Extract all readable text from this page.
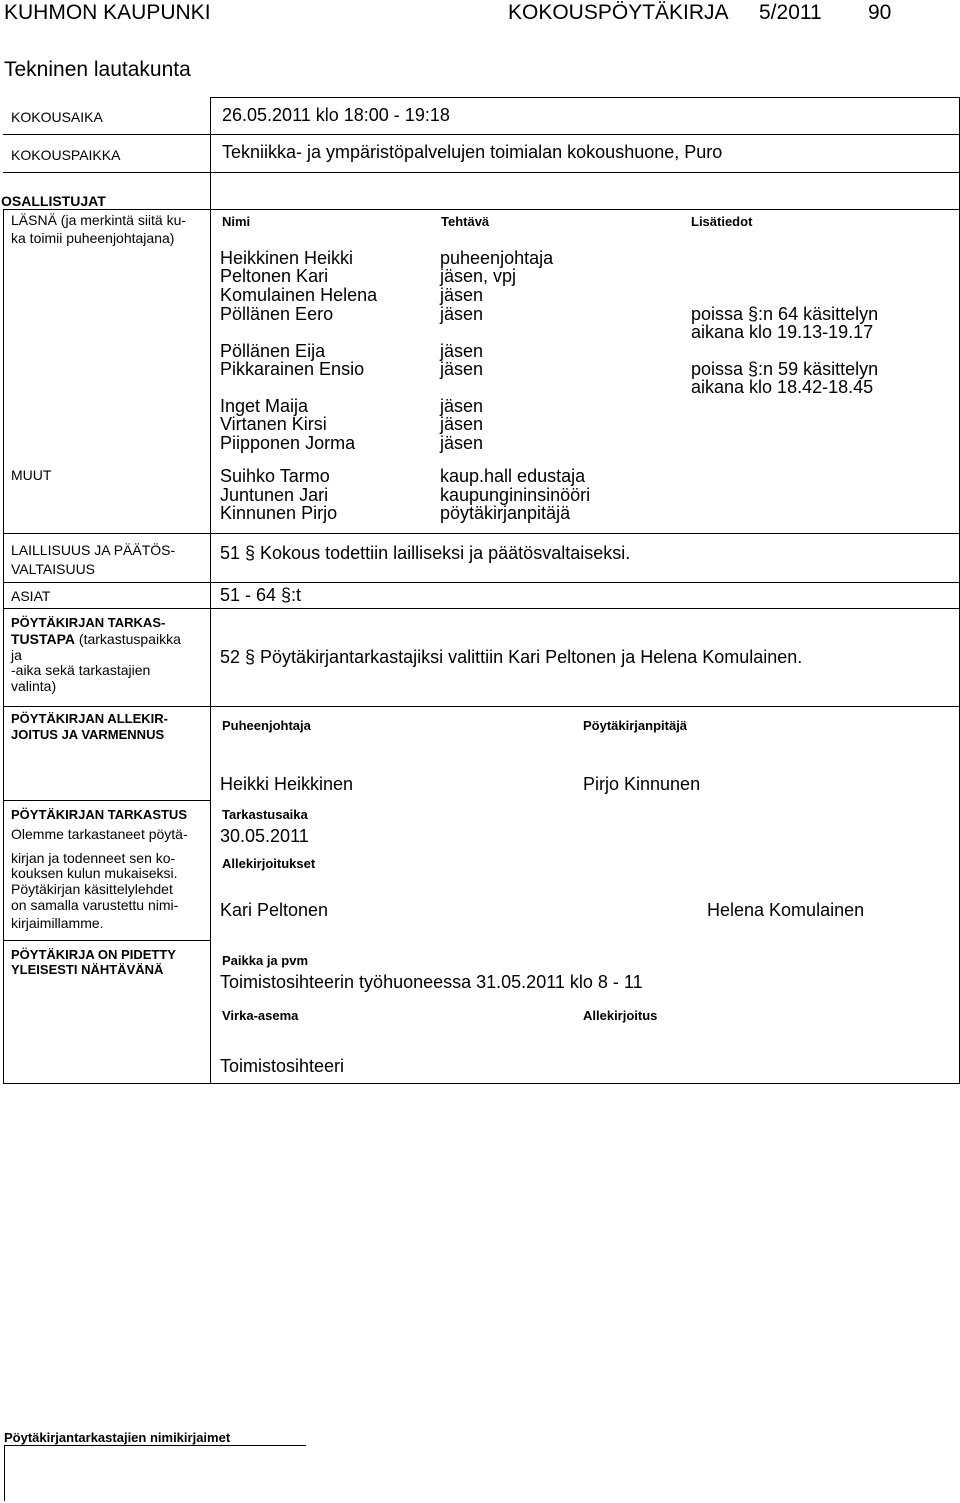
KUHMON KAUPUNKI	KOKOUSPÖYTÄKIRJA 5/2011 90
Tekninen lautakunta
KOKOUSAIKA	26.05.2011 klo 18:00 - 19:18
KOKOUSPAIKKA	Tekniikka- ja ympäristöpalvelujen toimialan kokoushuone, Puro
OSALLISTUJAT
LÄSNÄ (ja merkintä siitä ku-
ka toimii puheenjohtajana)
Nimi	Tehtävä	Lisätiedot
Heikkinen Heikki	puheenjohtaja
Peltonen Kari	jäsen, vpj
Komulainen Helena	jäsen
Pöllänen Eero	jäsen	poissa §:n 64 käsittelyn
aikana klo 19.13-19.17
Pöllänen Eija	jäsen
Pikkarainen Ensio	jäsen	poissa §:n 59 käsittelyn
aikana klo 18.42-18.45
Inget Maija	jäsen
Virtanen Kirsi	jäsen
Piipponen Jorma	jäsen
MUUT	Suihko Tarmo	kaup.hall edustaja
Juntunen Jari	kaupungininsinööri
Kinnunen Pirjo	pöytäkirjanpitäjä
LAILLISUUS JA PÄÄTÖS-
VALTAISUUS
51 § Kokous todettiin lailliseksi ja päätösvaltaiseksi.
ASIAT	51 - 64 §:t
PÖYTÄKIRJAN TARKAS-
TUSTAPA (tarkastuspaikka
ja
-aika sekä tarkastajien
valinta)
52 § Pöytäkirjantarkastajiksi valittiin Kari Peltonen ja Helena Komulainen.
PÖYTÄKIRJAN ALLEKIR-
JOITUS JA VARMENNUS
Puheenjohtaja	Pöytäkirjanpitäjä
Heikki Heikkinen	Pirjo Kinnunen
PÖYTÄKIRJAN TARKASTUS
Olemme tarkastaneet pöytä-
kirjan ja todenneet sen ko-
kouksen kulun mukaiseksi.
Pöytäkirjan käsittelylehdet
on samalla varustettu nimi-
kirjaimillamme.
Tarkastusaika
30.05.2011
Allekirjoitukset
Kari Peltonen	Helena Komulainen
PÖYTÄKIRJA ON PIDETTY
YLEISESTI NÄHTÄVÄNÄ
Paikka ja pvm
Toimistosihteerin työhuoneessa 31.05.2011 klo 8 - 11
Virka-asema	Allekirjoitus
Toimistosihteeri
Pöytäkirjantarkastajien nimikirjaimet
